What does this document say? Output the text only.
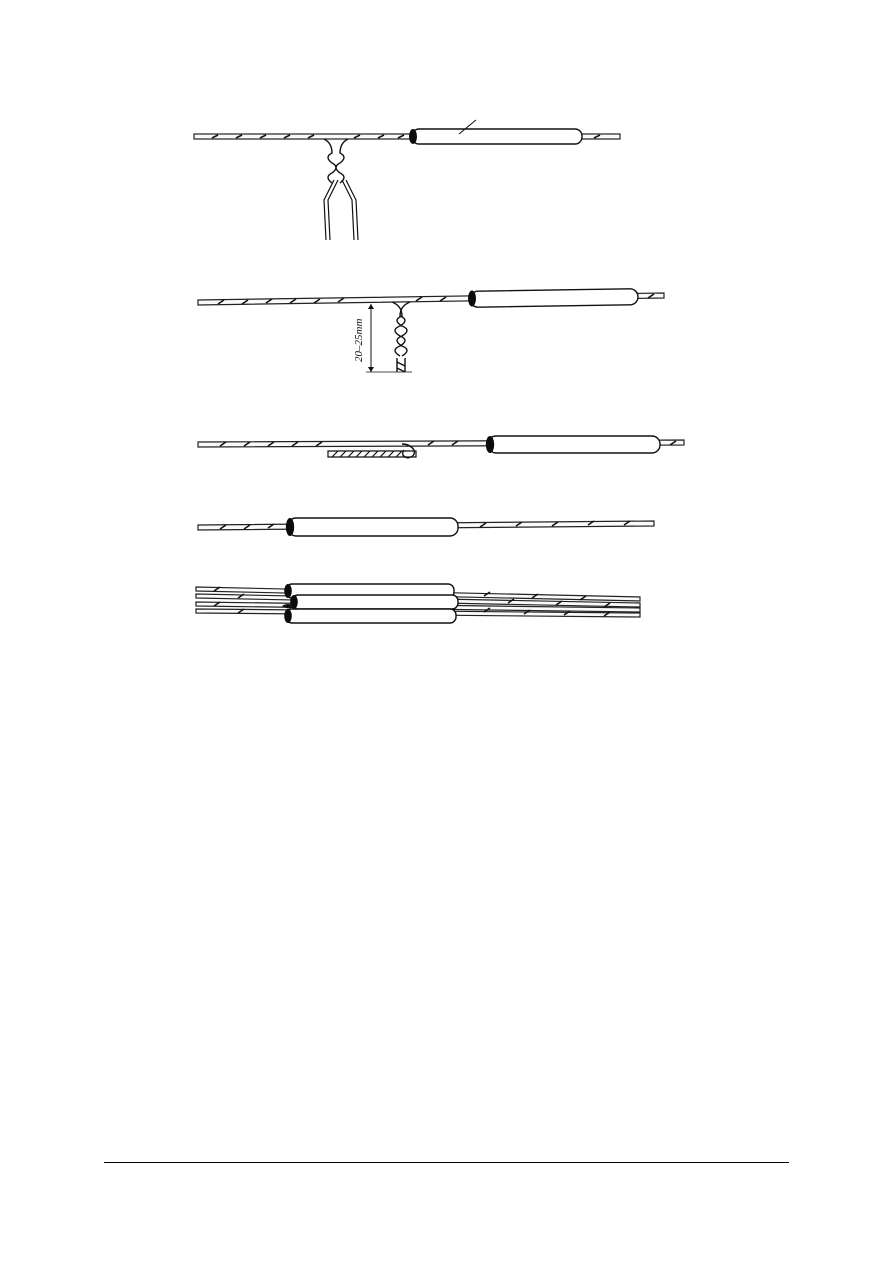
20–25mm
